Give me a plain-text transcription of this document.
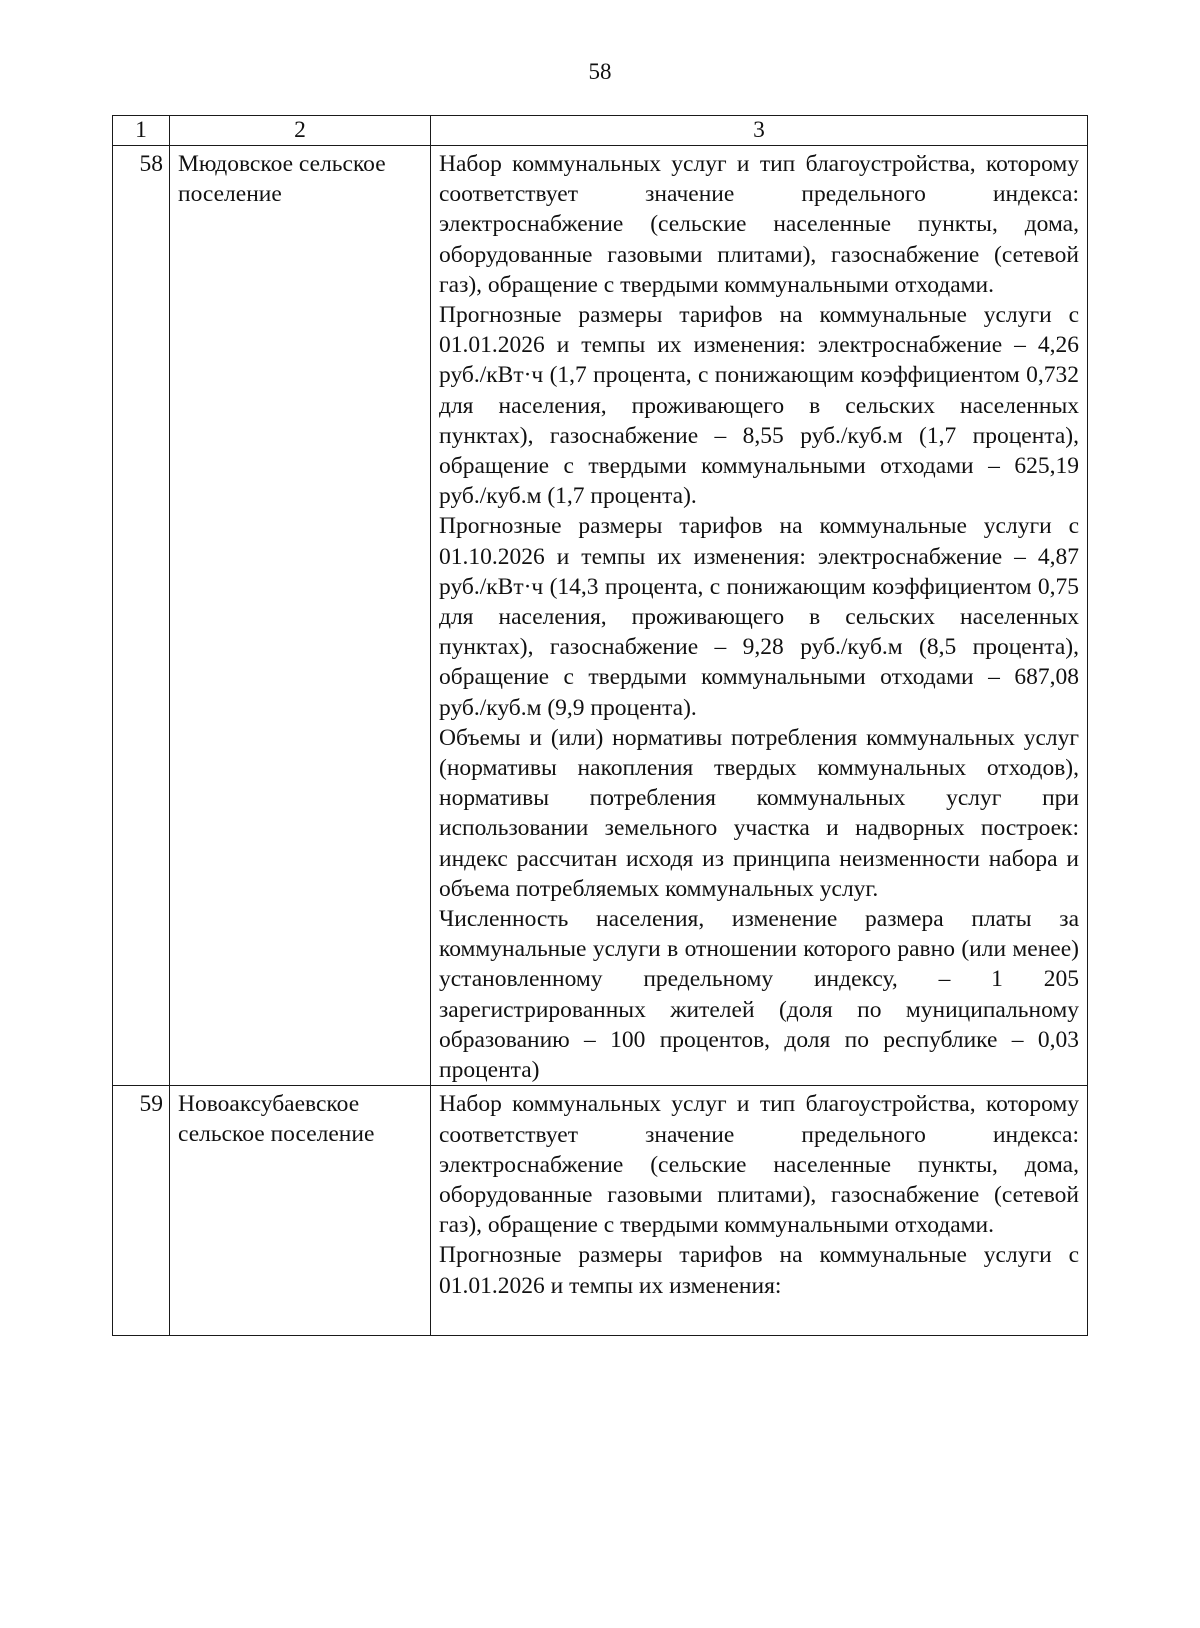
58
1	2	3
58	Мюдовское сельское поселение	Набор коммунальных услуг и тип благоустройства, которому соответствует значение предельного индекса: электроснабжение (сельские населенные пункты, дома, оборудованные газовыми плитами), газоснабжение (сетевой газ), обращение с твердыми коммунальными отходами.

Прогнозные размеры тарифов на коммунальные услуги с 01.01.2026 и темпы их изменения: электроснабжение – 4,26 руб./кВт·ч (1,7 процента, с понижающим коэффициентом 0,732 для населения, проживающего в сельских населенных пунктах), газоснабжение – 8,55 руб./куб.м (1,7 процента), обращение с твердыми коммунальными отходами – 625,19 руб./куб.м (1,7 процента).

Прогнозные размеры тарифов на коммунальные услуги с 01.10.2026 и темпы их изменения: электроснабжение – 4,87 руб./кВт·ч (14,3 процента, с понижающим коэффициентом 0,75 для населения, проживающего в сельских населенных пунктах), газоснабжение – 9,28 руб./куб.м (8,5 процента), обращение с твердыми коммунальными отходами – 687,08 руб./куб.м (9,9 процента).

Объемы и (или) нормативы потребления коммунальных услуг (нормативы накопления твердых коммунальных отходов), нормативы потребления коммунальных услуг при использовании земельного участка и надворных построек: индекс рассчитан исходя из принципа неизменности набора и объема потребляемых коммунальных услуг.

Численность населения, изменение размера платы за коммунальные услуги в отношении которого равно (или менее) установленному предельному индексу, – 1 205 зарегистрированных жителей (доля по муниципальному образованию – 100 процентов, доля по республике – 0,03 процента)

59	Новоаксубаевское сельское поселение	Набор коммунальных услуг и тип благоустройства, которому соответствует значение предельного индекса: электроснабжение (сельские населенные пункты, дома, оборудованные газовыми плитами), газоснабжение (сетевой газ), обращение с твердыми коммунальными отходами.

Прогнозные размеры тарифов на коммунальные услуги с 01.01.2026 и темпы их изменения:
